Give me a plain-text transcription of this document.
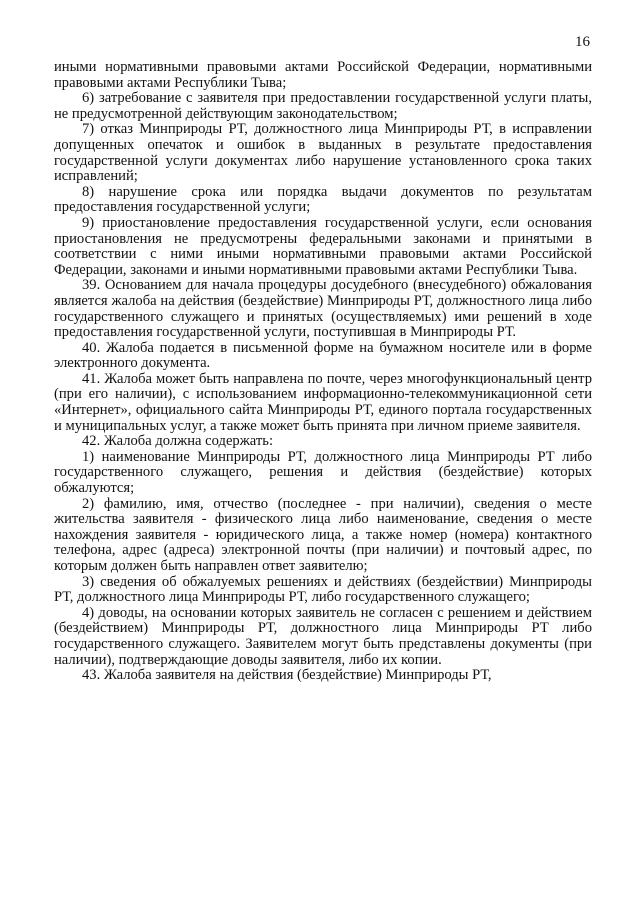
16

иными нормативными правовыми актами Российской Федерации, нормативными правовыми актами Республики Тыва;

6) затребование с заявителя при предоставлении государственной услуги платы, не предусмотренной действующим законодательством;

7) отказ Минприроды РТ, должностного лица Минприроды РТ, в исправлении допущенных опечаток и ошибок в выданных в результате предоставления государственной услуги документах либо нарушение установленного срока таких исправлений;

8) нарушение срока или порядка выдачи документов по результатам предоставления государственной услуги;

9) приостановление предоставления государственной услуги, если основания приостановления не предусмотрены федеральными законами и принятыми в соответствии с ними иными нормативными правовыми актами Российской Федерации, законами и иными нормативными правовыми актами Республики Тыва.

39. Основанием для начала процедуры досудебного (внесудебного) обжалования является жалоба на действия (бездействие) Минприроды РТ, должностного лица либо государственного служащего и принятых (осуществляемых) ими решений в ходе предоставления государственной услуги, поступившая в Минприроды РТ.

40. Жалоба подается в письменной форме на бумажном носителе или в форме электронного документа.

41. Жалоба может быть направлена по почте, через многофункциональный центр (при его наличии), с использованием информационно-телекоммуникационной сети «Интернет», официального сайта Минприроды РТ, единого портала государственных и муниципальных услуг, а также может быть принята при личном приеме заявителя.

42. Жалоба должна содержать:

1) наименование Минприроды РТ, должностного лица Минприроды РТ либо государственного служащего, решения и действия (бездействие) которых обжалуются;

2) фамилию, имя, отчество (последнее - при наличии), сведения о месте жительства заявителя - физического лица либо наименование, сведения о месте нахождения заявителя - юридического лица, а также номер (номера) контактного телефона, адрес (адреса) электронной почты (при наличии) и почтовый адрес, по которым должен быть направлен ответ заявителю;

3) сведения об обжалуемых решениях и действиях (бездействии) Минприроды РТ, должностного лица Минприроды РТ, либо государственного служащего;

4) доводы, на основании которых заявитель не согласен с решением и действием (бездействием) Минприроды РТ, должностного лица Минприроды РТ либо государственного служащего. Заявителем могут быть представлены документы (при наличии), подтверждающие доводы заявителя, либо их копии.

43. Жалоба заявителя на действия (бездействие) Минприроды РТ,
